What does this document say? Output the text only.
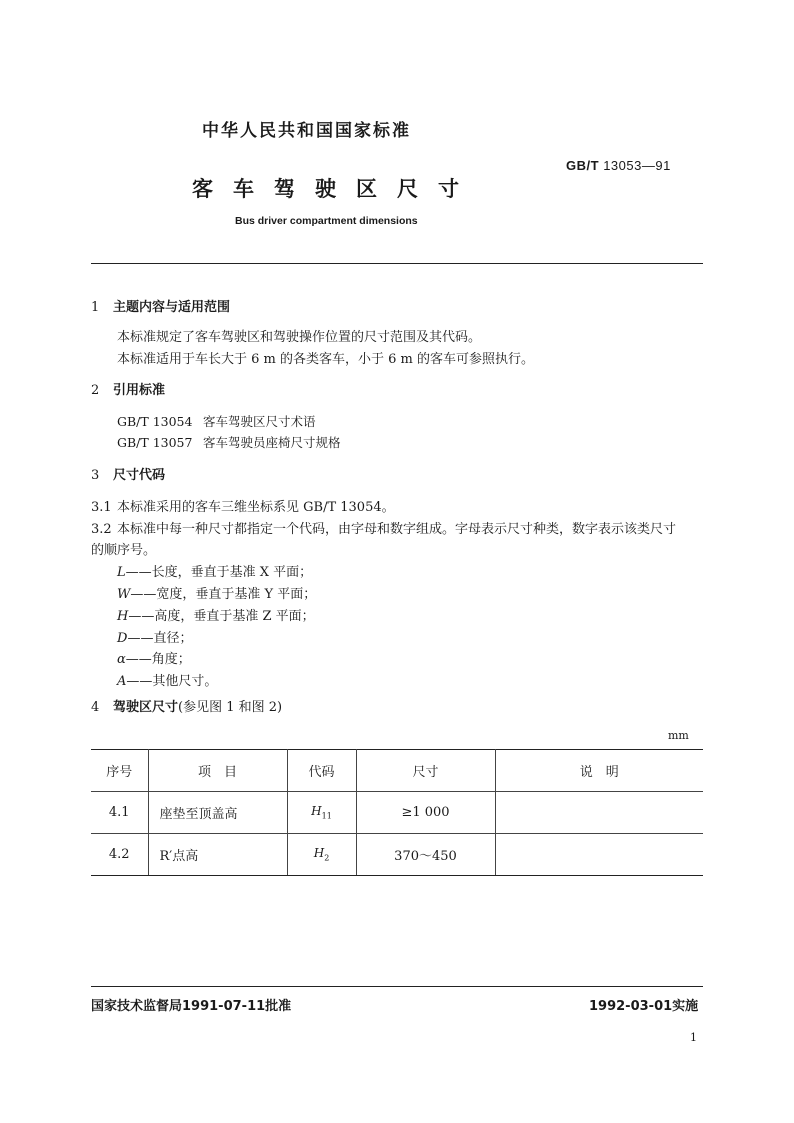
中华人民共和国国家标准
GB/T 13053—91
客车驾驶区尺寸
Bus driver compartment dimensions
1 主题内容与适用范围
本标准规定了客车驾驶区和驾驶操作位置的尺寸范围及其代码。
本标准适用于车长大于 6 m 的各类客车，小于 6 m 的客车可参照执行。
2 引用标准
GB/T 13054 客车驾驶区尺寸术语
GB/T 13057 客车驾驶员座椅尺寸规格
3 尺寸代码
3.1 本标准采用的客车三维坐标系见 GB/T 13054。
3.2 本标准中每一种尺寸都指定一个代码，由字母和数字组成。字母表示尺寸种类，数字表示该类尺寸
的顺序号。
L——长度，垂直于基准 X 平面；
W——宽度，垂直于基准 Y 平面；
H——高度，垂直于基准 Z 平面；
D——直径；
α——角度；
A——其他尺寸。
4 驾驶区尺寸(参见图 1 和图 2)
mm
序号	项　目	代码	尺寸	说　明
4.1	座垫至顶盖高	$H_{11}$	≥1 000	
4.2	R′点高	$H_2$	370～450	
国家技术监督局1991-07-11批准	1992-03-01实施
1
